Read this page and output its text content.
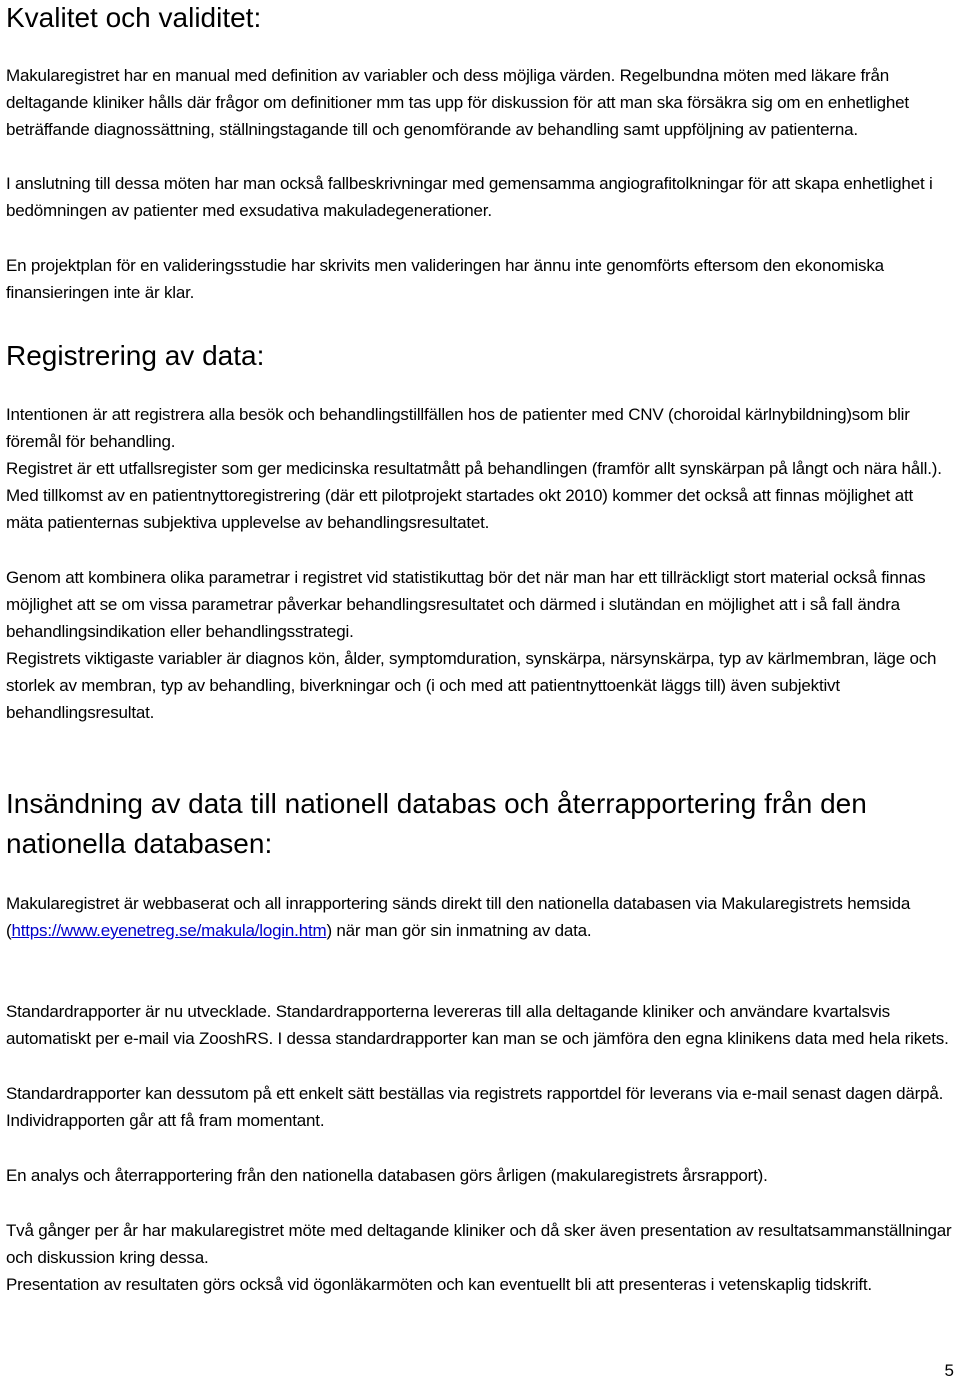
Kvalitet och validitet:

Makularegistret har en manual med definition av variabler och dess möjliga värden. Regelbundna möten med läkare från deltagande kliniker hålls där frågor om definitioner mm tas upp för diskussion för att man ska försäkra sig om en enhetlighet beträffande diagnossättning, ställningstagande till och genomförande av behandling samt uppföljning av patienterna.

I anslutning till dessa möten har man också fallbeskrivningar med gemensamma angiografitolkningar för att skapa enhetlighet i bedömningen av patienter med exsudativa makuladegenerationer.

En projektplan för en valideringsstudie har skrivits men valideringen har ännu inte genomförts eftersom den ekonomiska finansieringen inte är klar.

Registrering av data:

Intentionen är att registrera alla besök och behandlingstillfällen hos de patienter med CNV (choroidal kärlnybildning)som blir föremål för behandling.

Registret är ett utfallsregister som ger medicinska resultatmått på behandlingen (framför allt synskärpan på långt och nära håll.). Med tillkomst av en patientnyttoregistrering (där ett pilotprojekt startades okt 2010) kommer det också att finnas möjlighet att mäta patienternas subjektiva upplevelse av behandlingsresultatet.

Genom att kombinera olika parametrar i registret vid statistikuttag bör det när man har ett tillräckligt stort material också finnas möjlighet att se om vissa parametrar påverkar behandlingsresultatet och därmed i slutändan en möjlighet att i så fall ändra behandlingsindikation eller behandlingsstrategi.

Registrets viktigaste variabler är diagnos kön, ålder, symptomduration, synskärpa, närsynskärpa, typ av kärlmembran, läge och storlek av membran, typ av behandling, biverkningar och (i och med att patientnyttoenkät läggs till) även subjektivt behandlingsresultat.

Insändning av data till nationell databas och återrapportering från den nationella databasen:

Makularegistret är webbaserat och all inrapportering sänds direkt till den nationella databasen via Makularegistrets hemsida (https://www.eyenetreg.se/makula/login.htm) när man gör sin inmatning av data.

Standardrapporter är nu utvecklade. Standardrapporterna levereras till alla deltagande kliniker och användare kvartalsvis automatiskt per e-mail via ZooshRS. I dessa standardrapporter kan man se och jämföra den egna klinikens data med hela rikets.

Standardrapporter kan dessutom på ett enkelt sätt beställas via registrets rapportdel för leverans via e-mail senast dagen därpå. Individrapporten går att få fram momentant.

En analys och återrapportering från den nationella databasen görs årligen (makularegistrets årsrapport).

Två gånger per år har makularegistret möte med deltagande kliniker och då sker även presentation av resultatsammanställningar och diskussion kring dessa.

Presentation av resultaten görs också vid ögonläkarmöten och kan eventuellt bli att presenteras i vetenskaplig tidskrift.

5
